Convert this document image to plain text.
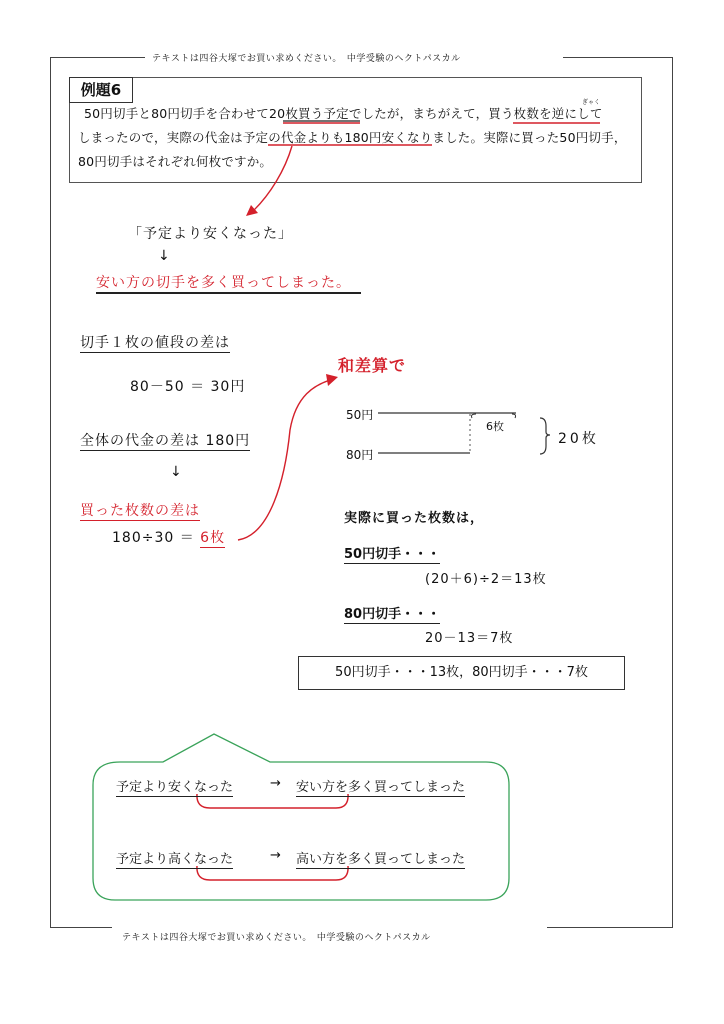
テキストは四谷大塚でお買い求めください。　中学受験のヘクトパスカル
例題6
ぎゃく
50円切手と80円切手を合わせて20枚買う予定でしたが，まちがえて，買う枚数を逆にして
しまったので，実際の代金は予定の代金よりも180円安くなりました。実際に買った50円切手，
80円切手はそれぞれ何枚ですか。
「予定より安くなった」
↓
安い方の切手を多く買ってしまった。
切手１枚の値段の差は
80－50 ＝ 30円
全体の代金の差は 180円
↓
買った枚数の差は
180÷30 ＝ 6枚
和差算で
50円
80円
6枚
20枚
実際に買った枚数は，
50円切手・・・
(20＋6)÷2＝13枚
80円切手・・・
20－13＝7枚
50円切手・・・13枚，80円切手・・・7枚
予定より安くなった	→ 安い方を多く買ってしまった
予定より高くなった	→ 高い方を多く買ってしまった
テキストは四谷大塚でお買い求めください。　中学受験のヘクトパスカル
